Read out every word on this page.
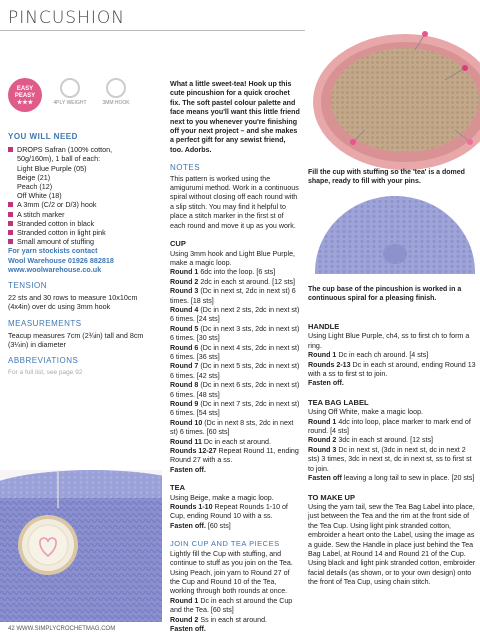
PINCUSHION
EASY
PEASY
★★★	4PLY WEIGHT	3MM HOOK
YOU WILL NEED
DROPS Safran (100% cotton,
50g/160m), 1 ball of each:
Light Blue Purple (05)
Beige (21)
Peach (12)
Off White (18)
A 3mm (C/2 or D/3) hook
A stitch marker
Stranded cotton in black
Stranded cotton in light pink
Small amount of stuffing
For yarn stockists contact
Wool Warehouse 01926 882818
www.woolwarehouse.co.uk
TENSION
22 sts and 30 rows to measure 10x10cm (4x4in) over dc using 3mm hook
MEASUREMENTS
Teacup measures 7cm (2¾in) tall and 8cm (3¼in) in diameter
ABBREVIATIONS
For a full list, see page 92

What a little sweet-tea! Hook up this cute pincushion for a quick crochet fix. The soft pastel colour palette and face means you'll want this little friend next to you whenever you're finishing off your next project – and she makes a perfect gift for any sewist friend, too. Adorbs.

NOTES

This pattern is worked using the amigurumi method. Work in a continuous spiral without closing off each round with a slip stitch. You may find it helpful to place a stitch marker in the first st of each round and move it up as you work.

CUP

Using 3mm hook and Light Blue Purple, make a magic loop.

Round 1 6dc into the loop. [6 sts]

Round 2 2dc in each st around. [12 sts]

Round 3 (Dc in next st, 2dc in next st) 6 times. [18 sts]

Round 4 (Dc in next 2 sts, 2dc in next st) 6 times. [24 sts]

Round 5 (Dc in next 3 sts, 2dc in next st) 6 times. [30 sts]

Round 6 (Dc in next 4 sts, 2dc in next st) 6 times. [36 sts]

Round 7 (Dc in next 5 sts, 2dc in next st) 6 times. [42 sts]

Round 8 (Dc in next 6 sts, 2dc in next st) 6 times. [48 sts]

Round 9 (Dc in next 7 sts, 2dc in next st) 6 times. [54 sts]

Round 10 (Dc in next 8 sts, 2dc in next st) 6 times. [60 sts]

Round 11 Dc in each st around.

Rounds 12-27 Repeat Round 11, ending Round 27 with a ss.

Fasten off.

TEA

Using Beige, make a magic loop.

Rounds 1-10 Repeat Rounds 1-10 of Cup, ending Round 10 with a ss.

Fasten off. [60 sts]

JOIN CUP AND TEA PIECES

Lightly fill the Cup with stuffing, and continue to stuff as you join on the Tea. Using Peach, join yarn to Round 27 of the Cup and Round 10 of the Tea, working through both rounds at once.

Round 1 Dc in each st around the Cup and the Tea. [60 sts]

Round 2 Ss in each st around.

Fasten off.

Fill the cup with stuffing so the 'tea' is a domed shape, ready to fill with your pins.
The cup base of the pincushion is worked in a continuous spiral for a pleasing finish.
HANDLE

Using Light Blue Purple, ch4, ss to first ch to form a ring.

Round 1 Dc in each ch around. [4 sts]

Rounds 2-13 Dc in each st around, ending Round 13 with a ss to first st to join.

Fasten off.

TEA BAG LABEL

Using Off White, make a magic loop.

Round 1 4dc into loop, place marker to mark end of round. [4 sts]

Round 2 3dc in each st around. [12 sts]

Round 3 Dc in next st, (3dc in next st, dc in next 2 sts) 3 times, 3dc in next st, dc in next st, ss to first st to join.

Fasten off leaving a long tail to sew in place. [20 sts]

TO MAKE UP

Using the yarn tail, sew the Tea Bag Label into place, just between the Tea and the rim at the front side of the Tea Cup. Using light pink stranded cotton, embroider a heart onto the Label, using the image as a guide. Sew the Handle in place just behind the Tea Bag Label, at Round 14 and Round 21 of the Cup.
Using black and light pink stranded cotton, embroider facial details (as shown, or to your own design) onto the front of Tea Cup, using chain stitch.

42 WWW.SIMPLYCROCHETMAG.COM
